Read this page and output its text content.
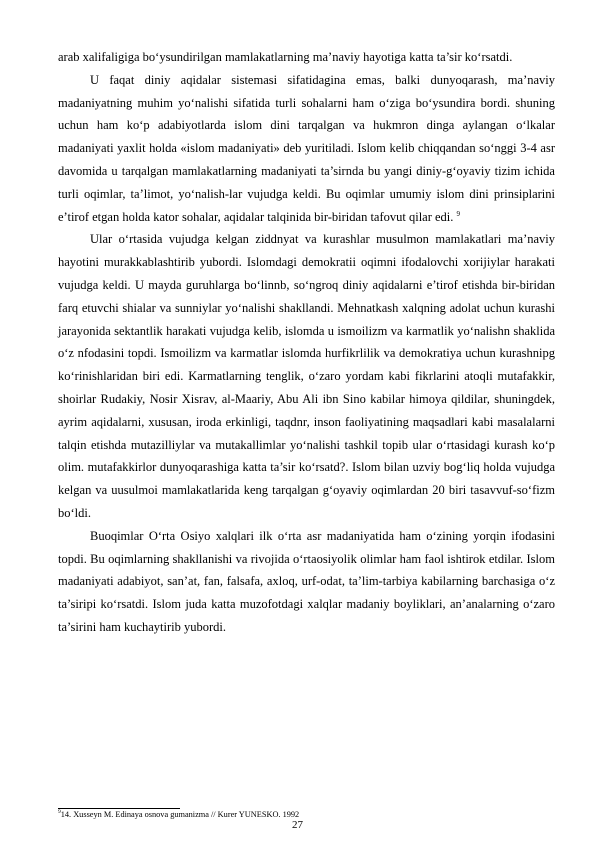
arab xalifaligiga bo‘ysundirilgan mamlakatlarning ma’naviy hayotiga katta ta’sir ko‘rsatdi.

U faqat diniy aqidalar sistemasi sifatidagina emas, balki dunyoqarash, ma’naviy madaniyatning muhim yo‘nalishi sifatida turli sohalarni ham o‘ziga bo‘ysundira bordi. shuning uchun ham ko‘p adabiyotlarda islom dini tarqalgan va hukmron dinga aylangan o‘lkalar madaniyati yaxlit holda «islom madaniyati» deb yuritiladi. Islom kelib chiqqandan so‘nggi 3-4 asr davomida u tarqalgan mamlakatlarning madaniyati ta’sirnda bu yangi diniy-g‘oyaviy tizim ichida turli oqimlar, ta’limot, yo‘nalish-lar vujudga keldi. Bu oqimlar umumiy islom dini prinsiplarini e’tirof etgan holda kator sohalar, aqidalar talqinida bir-biridan tafovut qilar edi. $^9$

Ular o‘rtasida vujudga kelgan ziddnyat va kurashlar musulmon mamlakatlari ma’naviy hayotini murakkablashtirib yubordi. Islomdagi demokratii oqimni ifodalovchi xorijiylar harakati vujudga keldi. U mayda guruhlarga bo‘linnb, so‘ngroq diniy aqidalarni e’tirof etishda bir-biridan farq etuvchi shialar va sunniylar yo‘nalishi shakllandi. Mehnatkash xalqning adolat uchun kurashi jarayonida sektantlik harakati vujudga kelib, islomda u ismoilizm va karmatlik yo‘nalishn shaklida o‘z nfodasini topdi. Ismoilizm va karmatlar islomda hurfikrlilik va demokratiya uchun kurashnipg ko‘rinishlaridan biri edi. Karmatlarning tenglik, o‘zaro yordam kabi fikrlarini atoqli mutafakkir, shoirlar Rudakiy, Nosir Xisrav, al-Maariy, Abu Ali ibn Sino kabilar himoya qildilar, shuningdek, ayrim aqidalarni, xususan, iroda erkinligi, taqdnr, inson faoliyatining maqsadlari kabi masalalarni talqin etishda mutazilliylar va mutakallimlar yo‘nalishi tashkil topib ular o‘rtasidagi kurash ko‘p olim. mutafakkirlor dunyoqarashiga katta ta’sir ko‘rsatd?. Islom bilan uzviy bog‘liq holda vujudga kelgan va uusulmoi mamlakatlarida keng tarqalgan g‘oyaviy oqimlardan 20 biri tasavvuf-so‘fizm bo‘ldi.

Buoqimlar O‘rta Osiyo xalqlari ilk o‘rta asr madaniyatida ham o‘zining yorqin ifodasini topdi. Bu oqimlarning shakllanishi va rivojida o‘rtaosiyolik olimlar ham faol ishtirok etdilar. Islom madaniyati adabiyot, san’at, fan, falsafa, axloq, urf-odat, ta’lim-tarbiya kabilarning barchasiga o‘z ta’siripi ko‘rsatdi. Islom juda katta muzofotdagi xalqlar madaniy boyliklari, an’analarning o‘zaro ta’sirini ham kuchaytirib yubordi.

$^9$14. Xusseyn M. Edinaya osnova gumanizma // Kurer YUNESKO. 1992
27
